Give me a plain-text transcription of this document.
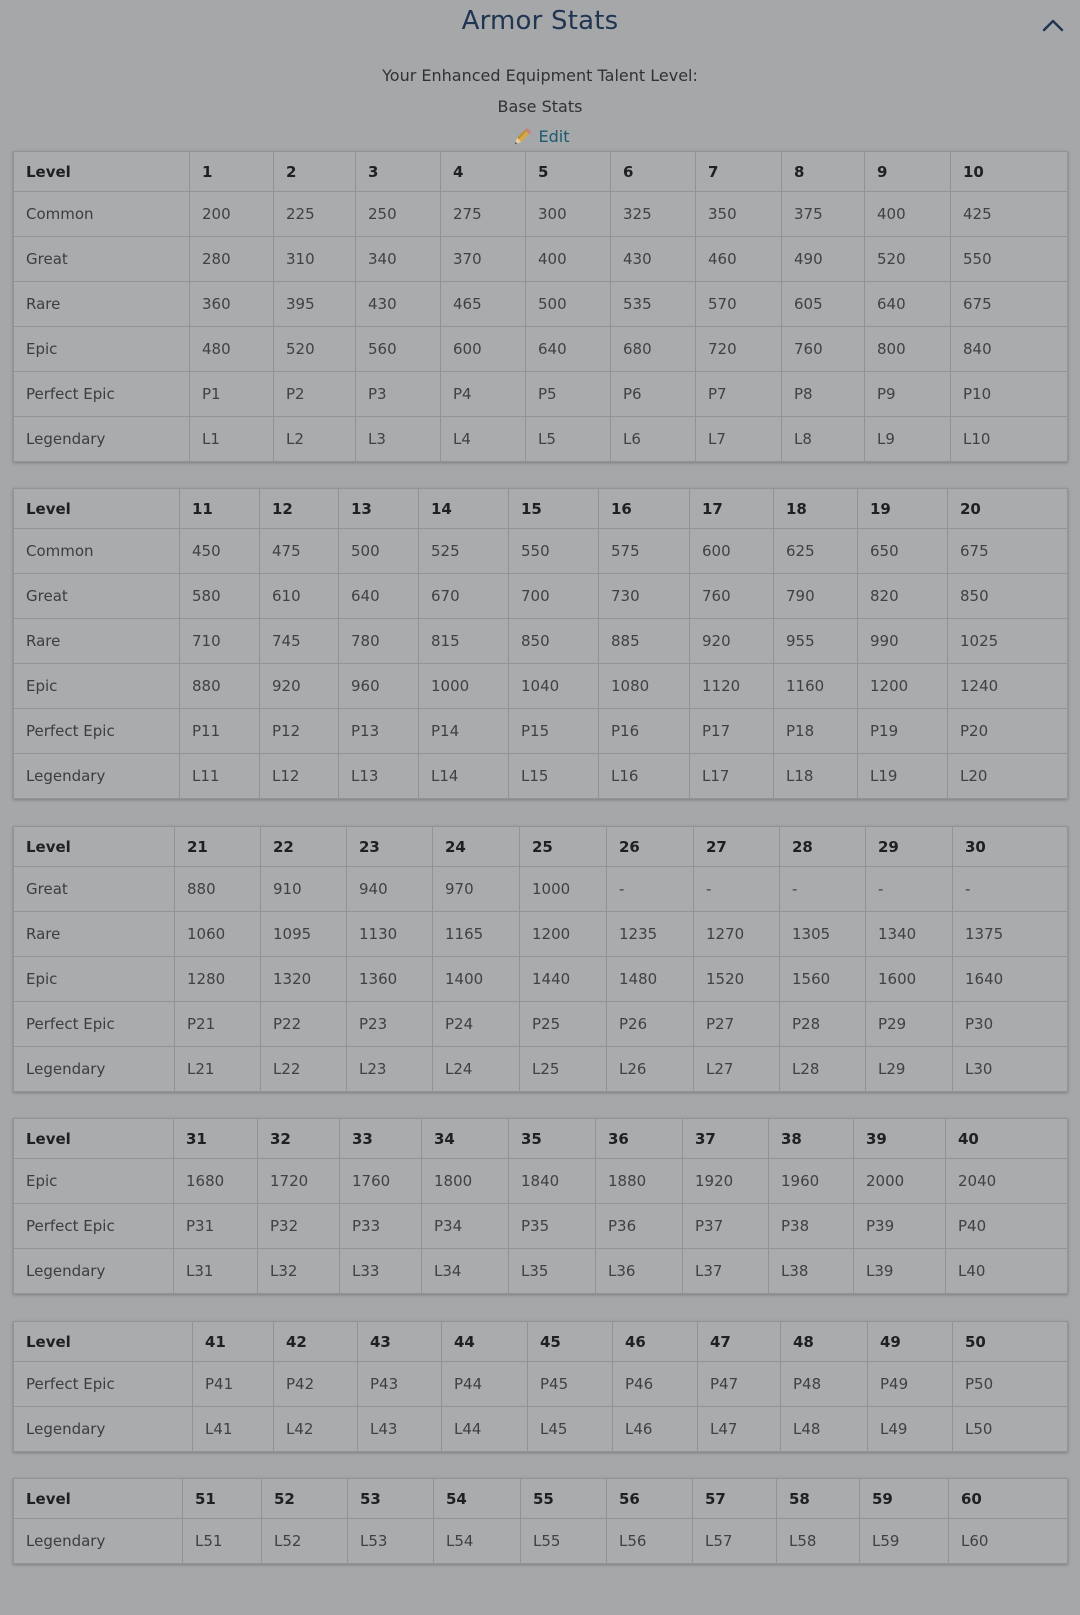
Armor Stats
Your Enhanced Equipment Talent Level:
Base Stats
Edit
Level	1	2	3	4	5	6	7	8	9	10
Common	200	225	250	275	300	325	350	375	400	425
Great	280	310	340	370	400	430	460	490	520	550
Rare	360	395	430	465	500	535	570	605	640	675
Epic	480	520	560	600	640	680	720	760	800	840
Perfect Epic	P1	P2	P3	P4	P5	P6	P7	P8	P9	P10
Legendary	L1	L2	L3	L4	L5	L6	L7	L8	L9	L10
Level	11	12	13	14	15	16	17	18	19	20
Common	450	475	500	525	550	575	600	625	650	675
Great	580	610	640	670	700	730	760	790	820	850
Rare	710	745	780	815	850	885	920	955	990	1025
Epic	880	920	960	1000	1040	1080	1120	1160	1200	1240
Perfect Epic	P11	P12	P13	P14	P15	P16	P17	P18	P19	P20
Legendary	L11	L12	L13	L14	L15	L16	L17	L18	L19	L20
Level	21	22	23	24	25	26	27	28	29	30
Great	880	910	940	970	1000	-	-	-	-	-
Rare	1060	1095	1130	1165	1200	1235	1270	1305	1340	1375
Epic	1280	1320	1360	1400	1440	1480	1520	1560	1600	1640
Perfect Epic	P21	P22	P23	P24	P25	P26	P27	P28	P29	P30
Legendary	L21	L22	L23	L24	L25	L26	L27	L28	L29	L30
Level	31	32	33	34	35	36	37	38	39	40
Epic	1680	1720	1760	1800	1840	1880	1920	1960	2000	2040
Perfect Epic	P31	P32	P33	P34	P35	P36	P37	P38	P39	P40
Legendary	L31	L32	L33	L34	L35	L36	L37	L38	L39	L40
Level	41	42	43	44	45	46	47	48	49	50
Perfect Epic	P41	P42	P43	P44	P45	P46	P47	P48	P49	P50
Legendary	L41	L42	L43	L44	L45	L46	L47	L48	L49	L50
Level	51	52	53	54	55	56	57	58	59	60
Legendary	L51	L52	L53	L54	L55	L56	L57	L58	L59	L60
